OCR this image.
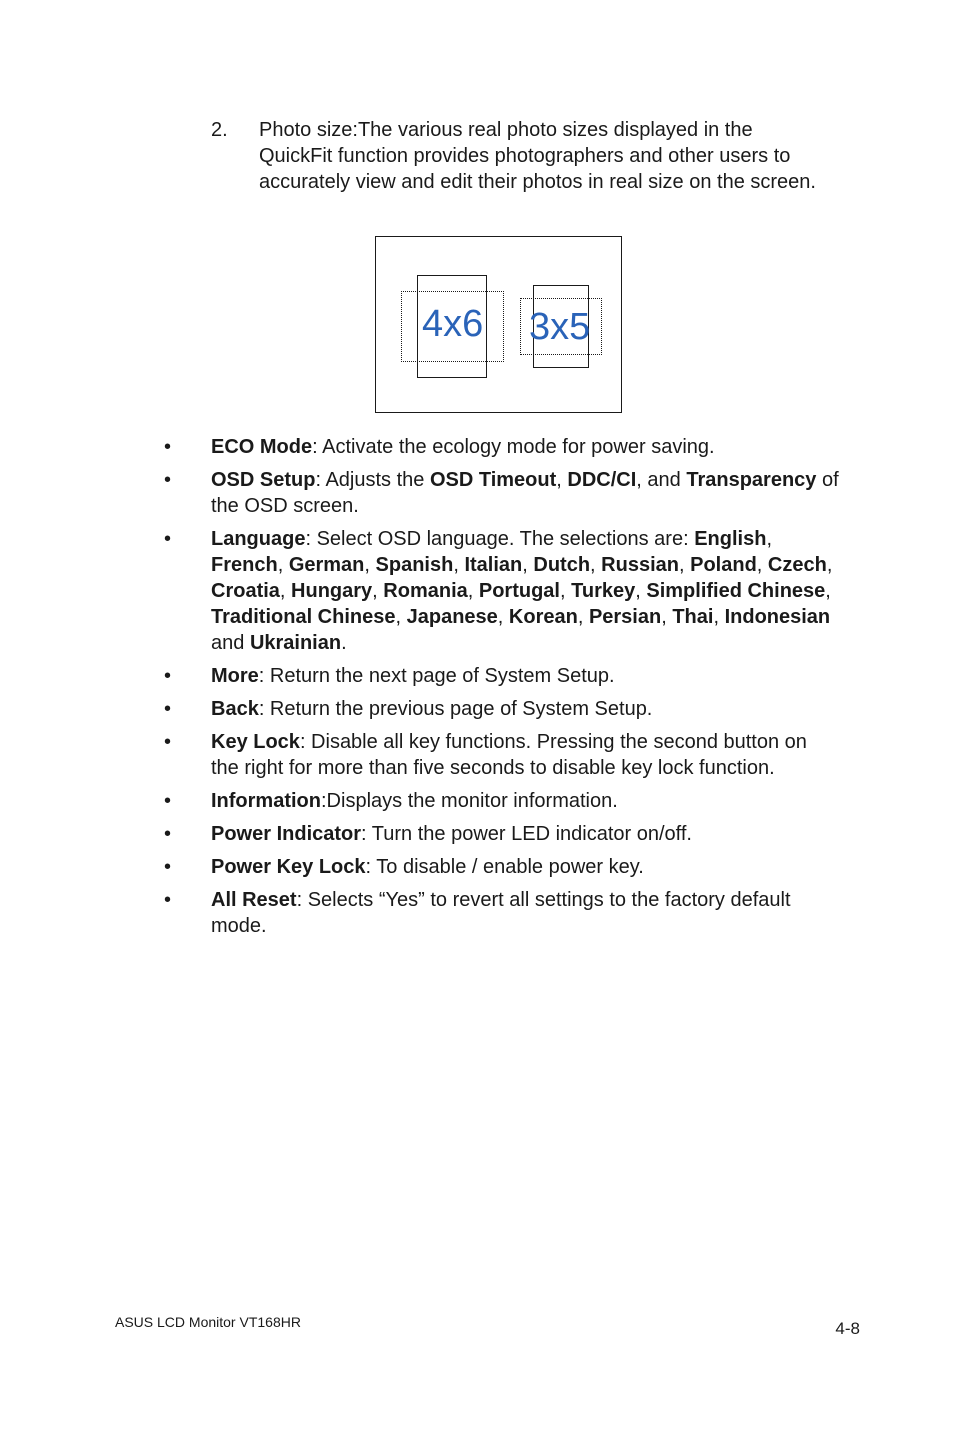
2. Photo size:The various real photo sizes displayed in the QuickFit function provides photographers and other users to accurately view and edit their photos in real size on the screen.
4x6 3x5
• ECO Mode: Activate the ecology mode for power saving.
• OSD Setup: Adjusts the OSD Timeout, DDC/CI, and Transparency of the OSD screen.
• Language: Select OSD language. The selections are: English, French, German, Spanish, Italian, Dutch, Russian, Poland, Czech, Croatia, Hungary, Romania, Portugal, Turkey, Simplified Chinese, Traditional Chinese, Japanese, Korean, Persian, Thai, Indonesian and Ukrainian.
• More: Return the next page of System Setup.
• Back: Return the previous page of System Setup.
• Key Lock: Disable all key functions. Pressing the second button on the right for more than five seconds to disable key lock function.
• Information:Displays the monitor information.
• Power Indicator: Turn the power LED indicator on/off.
• Power Key Lock: To disable / enable power key.
• All Reset: Selects “Yes” to revert all settings to the factory default mode.
ASUS LCD Monitor VT168HR	4-8
